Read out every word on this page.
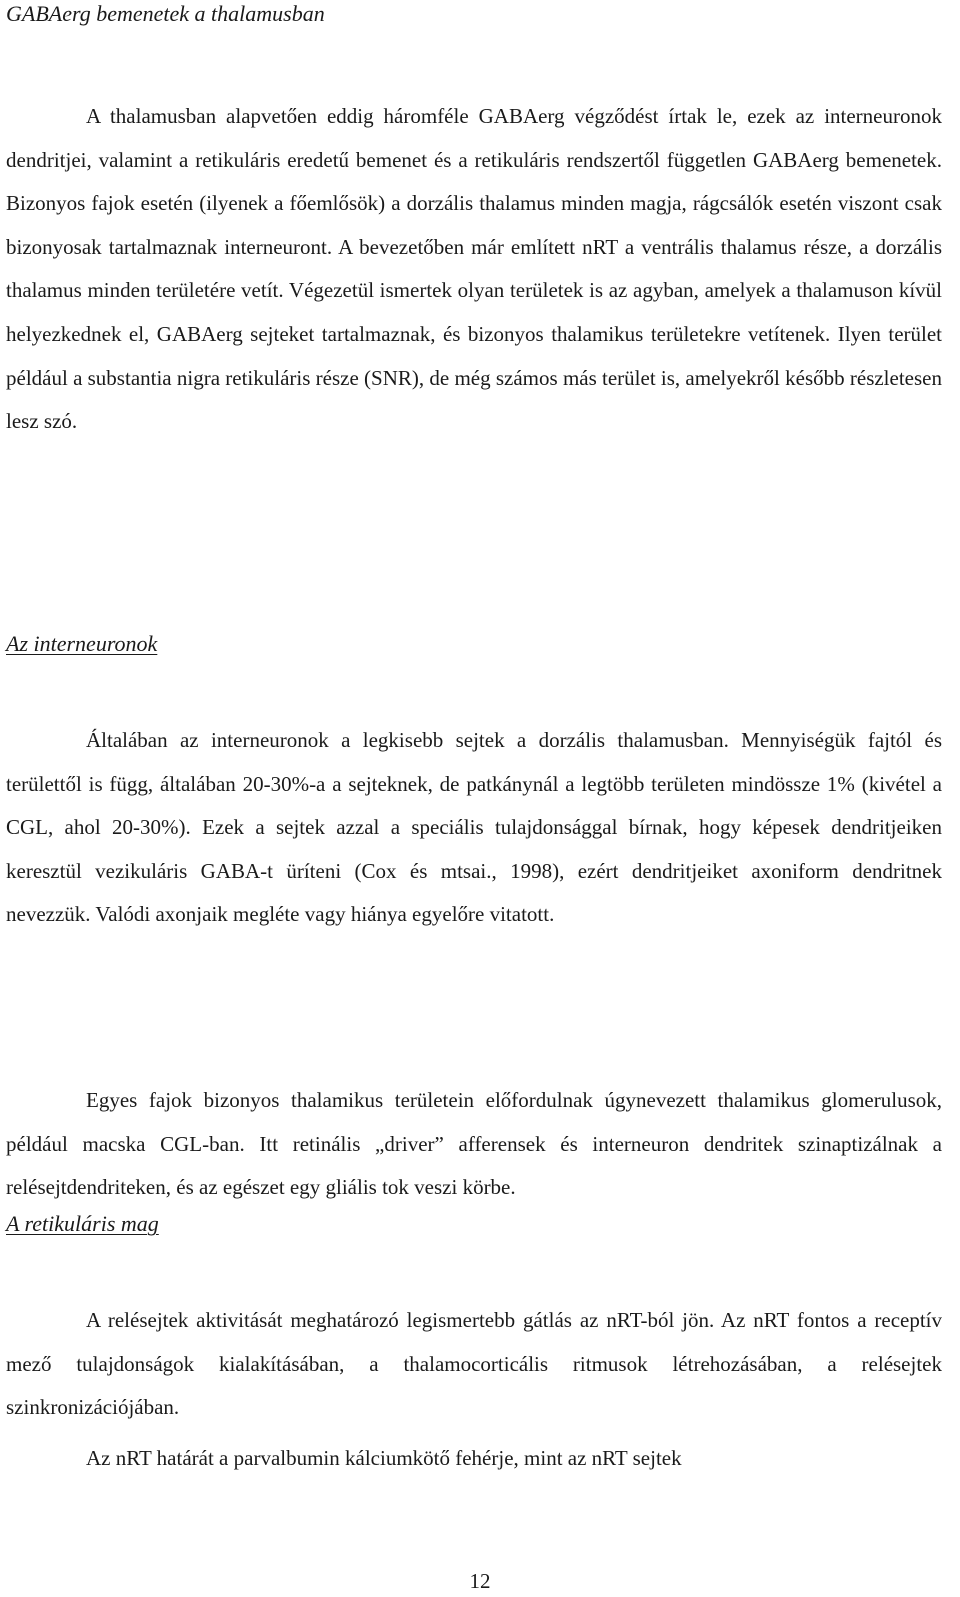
GABAerg bemenetek a thalamusban

A thalamusban alapvetően eddig háromféle GABAerg végződést írtak le, ezek az interneuronok dendritjei, valamint a retikuláris eredetű bemenet és a retikuláris rendszertől független GABAerg bemenetek. Bizonyos fajok esetén (ilyenek a főemlősök) a dorzális thalamus minden magja, rágcsálók esetén viszont csak bizonyosak tartalmaznak interneuront. A bevezetőben már említett nRT a ventrális thalamus része, a dorzális thalamus minden területére vetít. Végezetül ismertek olyan területek is az agyban, amelyek a thalamuson kívül helyezkednek el, GABAerg sejteket tartalmaznak, és bizonyos thalamikus területekre vetítenek. Ilyen terület például a substantia nigra retikuláris része (SNR), de még számos más terület is, amelyekről később részletesen lesz szó.

Az interneuronok

Általában az interneuronok a legkisebb sejtek a dorzális thalamusban. Mennyiségük fajtól és területtől is függ, általában 20-30%-a a sejteknek, de patkánynál a legtöbb területen mindössze 1% (kivétel a CGL, ahol 20-30%). Ezek a sejtek azzal a speciális tulajdonsággal bírnak, hogy képesek dendritjeiken keresztül vezikuláris GABA-t üríteni (Cox és mtsai., 1998), ezért dendritjeiket axoniform dendritnek nevezzük. Valódi axonjaik megléte vagy hiánya egyelőre vitatott.

Egyes fajok bizonyos thalamikus területein előfordulnak úgynevezett thalamikus glomerulusok, például macska CGL-ban. Itt retinális „driver” afferensek és interneuron dendritek szinaptizálnak a relésejtdendriteken, és az egészet egy gliális tok veszi körbe.

A retikuláris mag

A relésejtek aktivitását meghatározó legismertebb gátlás az nRT-ból jön. Az nRT fontos a receptív mező tulajdonságok kialakításában, a thalamocorticális ritmusok létrehozásában, a relésejtek szinkronizációjában.

Az nRT határát a parvalbumin kálciumkötő fehérje, mint az nRT sejtek

12
